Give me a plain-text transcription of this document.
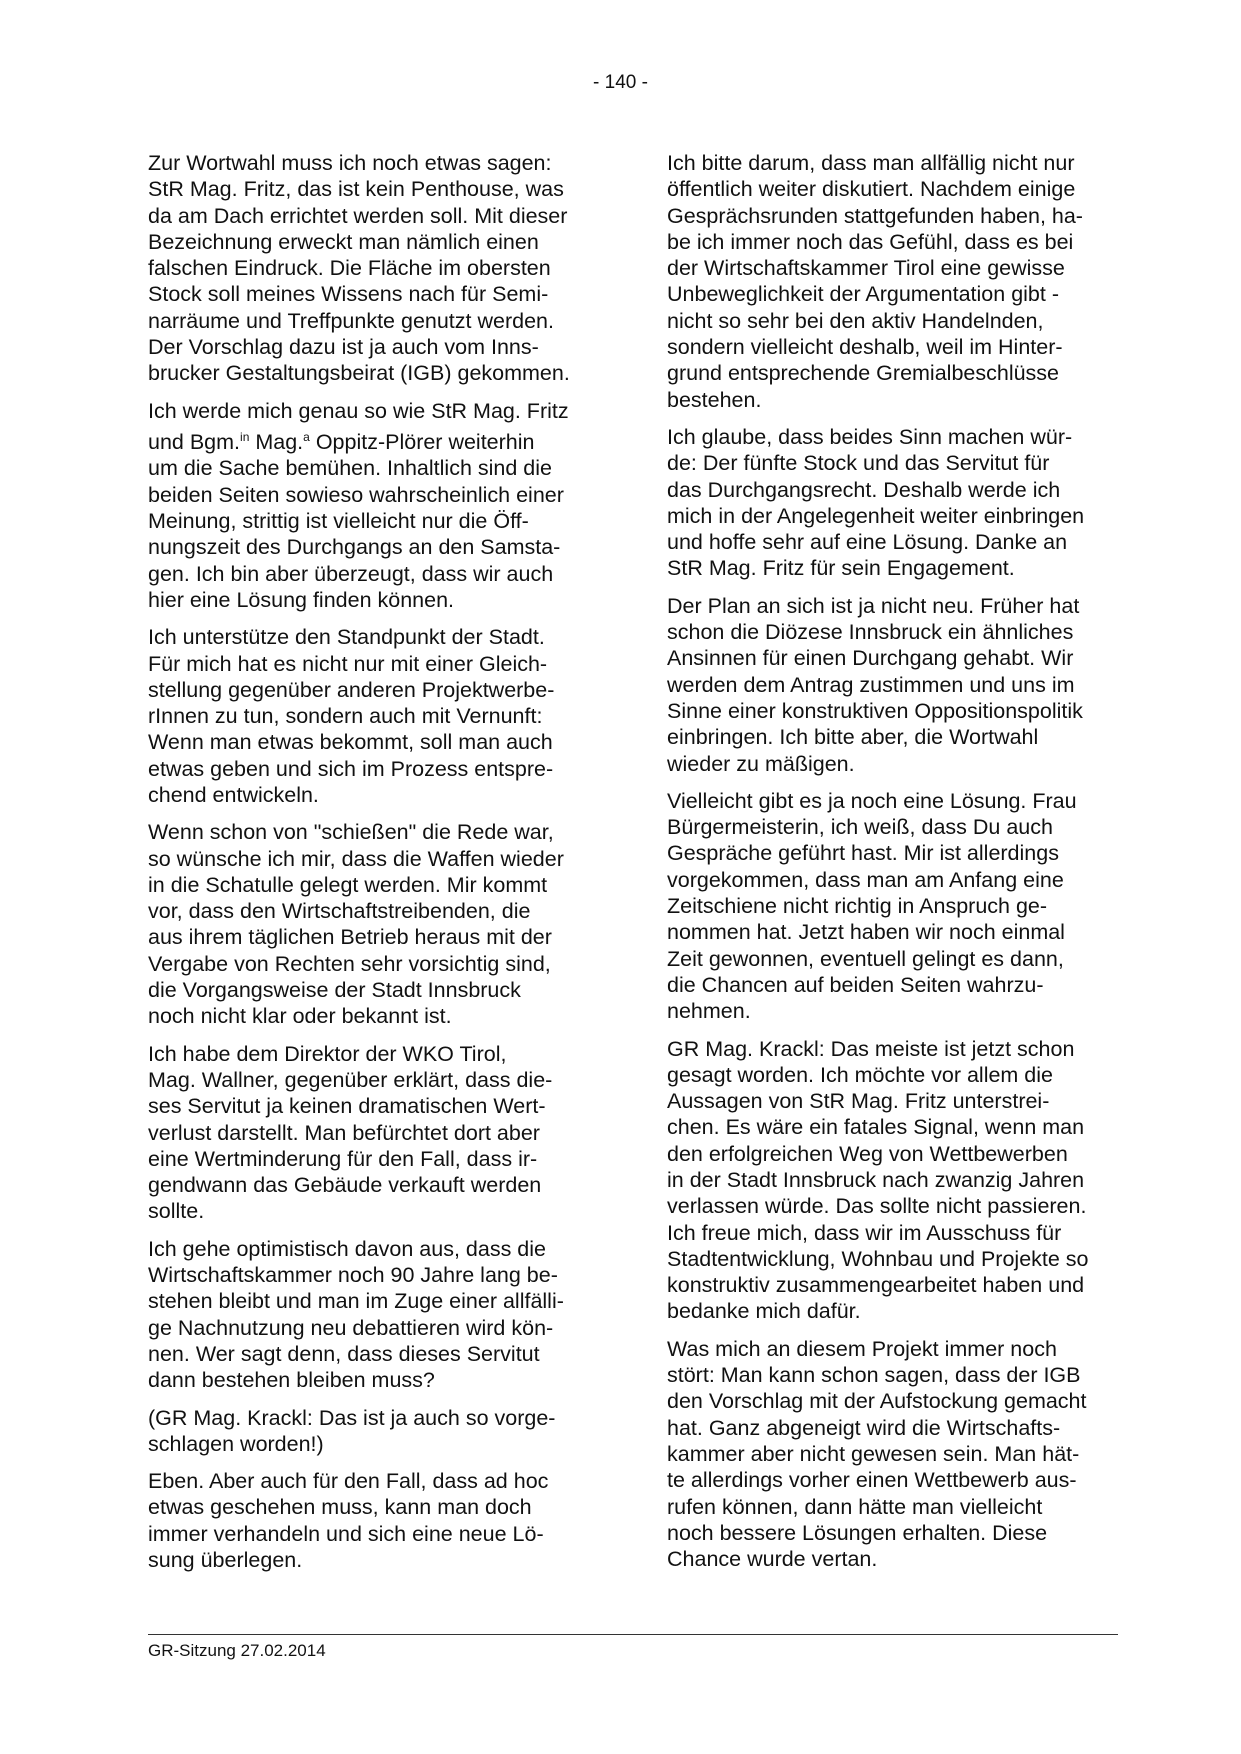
- 140 -

Zur Wortwahl muss ich noch etwas sagen:
StR Mag. Fritz, das ist kein Penthouse, was
da am Dach errichtet werden soll. Mit dieser
Bezeichnung erweckt man nämlich einen
falschen Eindruck. Die Fläche im obersten
Stock soll meines Wissens nach für Semi-
narräume und Treffpunkte genutzt werden.
Der Vorschlag dazu ist ja auch vom Inns-
brucker Gestaltungsbeirat (IGB) gekommen.

Ich werde mich genau so wie StR Mag. Fritz
und Bgm.$^{in}$ Mag.$^a$ Oppitz-Plörer weiterhin
um die Sache bemühen. Inhaltlich sind die
beiden Seiten sowieso wahrscheinlich einer
Meinung, strittig ist vielleicht nur die Öff-
nungszeit des Durchgangs an den Samsta-
gen. Ich bin aber überzeugt, dass wir auch
hier eine Lösung finden können.

Ich unterstütze den Standpunkt der Stadt.
Für mich hat es nicht nur mit einer Gleich-
stellung gegenüber anderen Projektwerbe-
rInnen zu tun, sondern auch mit Vernunft:
Wenn man etwas bekommt, soll man auch
etwas geben und sich im Prozess entspre-
chend entwickeln.

Wenn schon von "schießen" die Rede war,
so wünsche ich mir, dass die Waffen wieder
in die Schatulle gelegt werden. Mir kommt
vor, dass den Wirtschaftstreibenden, die
aus ihrem täglichen Betrieb heraus mit der
Vergabe von Rechten sehr vorsichtig sind,
die Vorgangsweise der Stadt Innsbruck
noch nicht klar oder bekannt ist.

Ich habe dem Direktor der WKO Tirol,
Mag. Wallner, gegenüber erklärt, dass die-
ses Servitut ja keinen dramatischen Wert-
verlust darstellt. Man befürchtet dort aber
eine Wertminderung für den Fall, dass ir-
gendwann das Gebäude verkauft werden
sollte.

Ich gehe optimistisch davon aus, dass die
Wirtschaftskammer noch 90 Jahre lang be-
stehen bleibt und man im Zuge einer allfälli-
ge Nachnutzung neu debattieren wird kön-
nen. Wer sagt denn, dass dieses Servitut
dann bestehen bleiben muss?

(GR Mag. Krackl: Das ist ja auch so vorge-
schlagen worden!)

Eben. Aber auch für den Fall, dass ad hoc
etwas geschehen muss, kann man doch
immer verhandeln und sich eine neue Lö-
sung überlegen.

Ich bitte darum, dass man allfällig nicht nur
öffentlich weiter diskutiert. Nachdem einige
Gesprächsrunden stattgefunden haben, ha-
be ich immer noch das Gefühl, dass es bei
der Wirtschaftskammer Tirol eine gewisse
Unbeweglichkeit der Argumentation gibt -
nicht so sehr bei den aktiv Handelnden,
sondern vielleicht deshalb, weil im Hinter-
grund entsprechende Gremialbeschlüsse
bestehen.

Ich glaube, dass beides Sinn machen wür-
de: Der fünfte Stock und das Servitut für
das Durchgangsrecht. Deshalb werde ich
mich in der Angelegenheit weiter einbringen
und hoffe sehr auf eine Lösung. Danke an
StR Mag. Fritz für sein Engagement.

Der Plan an sich ist ja nicht neu. Früher hat
schon die Diözese Innsbruck ein ähnliches
Ansinnen für einen Durchgang gehabt. Wir
werden dem Antrag zustimmen und uns im
Sinne einer konstruktiven Oppositionspolitik
einbringen. Ich bitte aber, die Wortwahl
wieder zu mäßigen.

Vielleicht gibt es ja noch eine Lösung. Frau
Bürgermeisterin, ich weiß, dass Du auch
Gespräche geführt hast. Mir ist allerdings
vorgekommen, dass man am Anfang eine
Zeitschiene nicht richtig in Anspruch ge-
nommen hat. Jetzt haben wir noch einmal
Zeit gewonnen, eventuell gelingt es dann,
die Chancen auf beiden Seiten wahrzu-
nehmen.

GR Mag. Krackl: Das meiste ist jetzt schon
gesagt worden. Ich möchte vor allem die
Aussagen von StR Mag. Fritz unterstrei-
chen. Es wäre ein fatales Signal, wenn man
den erfolgreichen Weg von Wettbewerben
in der Stadt Innsbruck nach zwanzig Jahren
verlassen würde. Das sollte nicht passieren.
Ich freue mich, dass wir im Ausschuss für
Stadtentwicklung, Wohnbau und Projekte so
konstruktiv zusammengearbeitet haben und
bedanke mich dafür.

Was mich an diesem Projekt immer noch
stört: Man kann schon sagen, dass der IGB
den Vorschlag mit der Aufstockung gemacht
hat. Ganz abgeneigt wird die Wirtschafts-
kammer aber nicht gewesen sein. Man hät-
te allerdings vorher einen Wettbewerb aus-
rufen können, dann hätte man vielleicht
noch bessere Lösungen erhalten. Diese
Chance wurde vertan.

GR-Sitzung 27.02.2014
